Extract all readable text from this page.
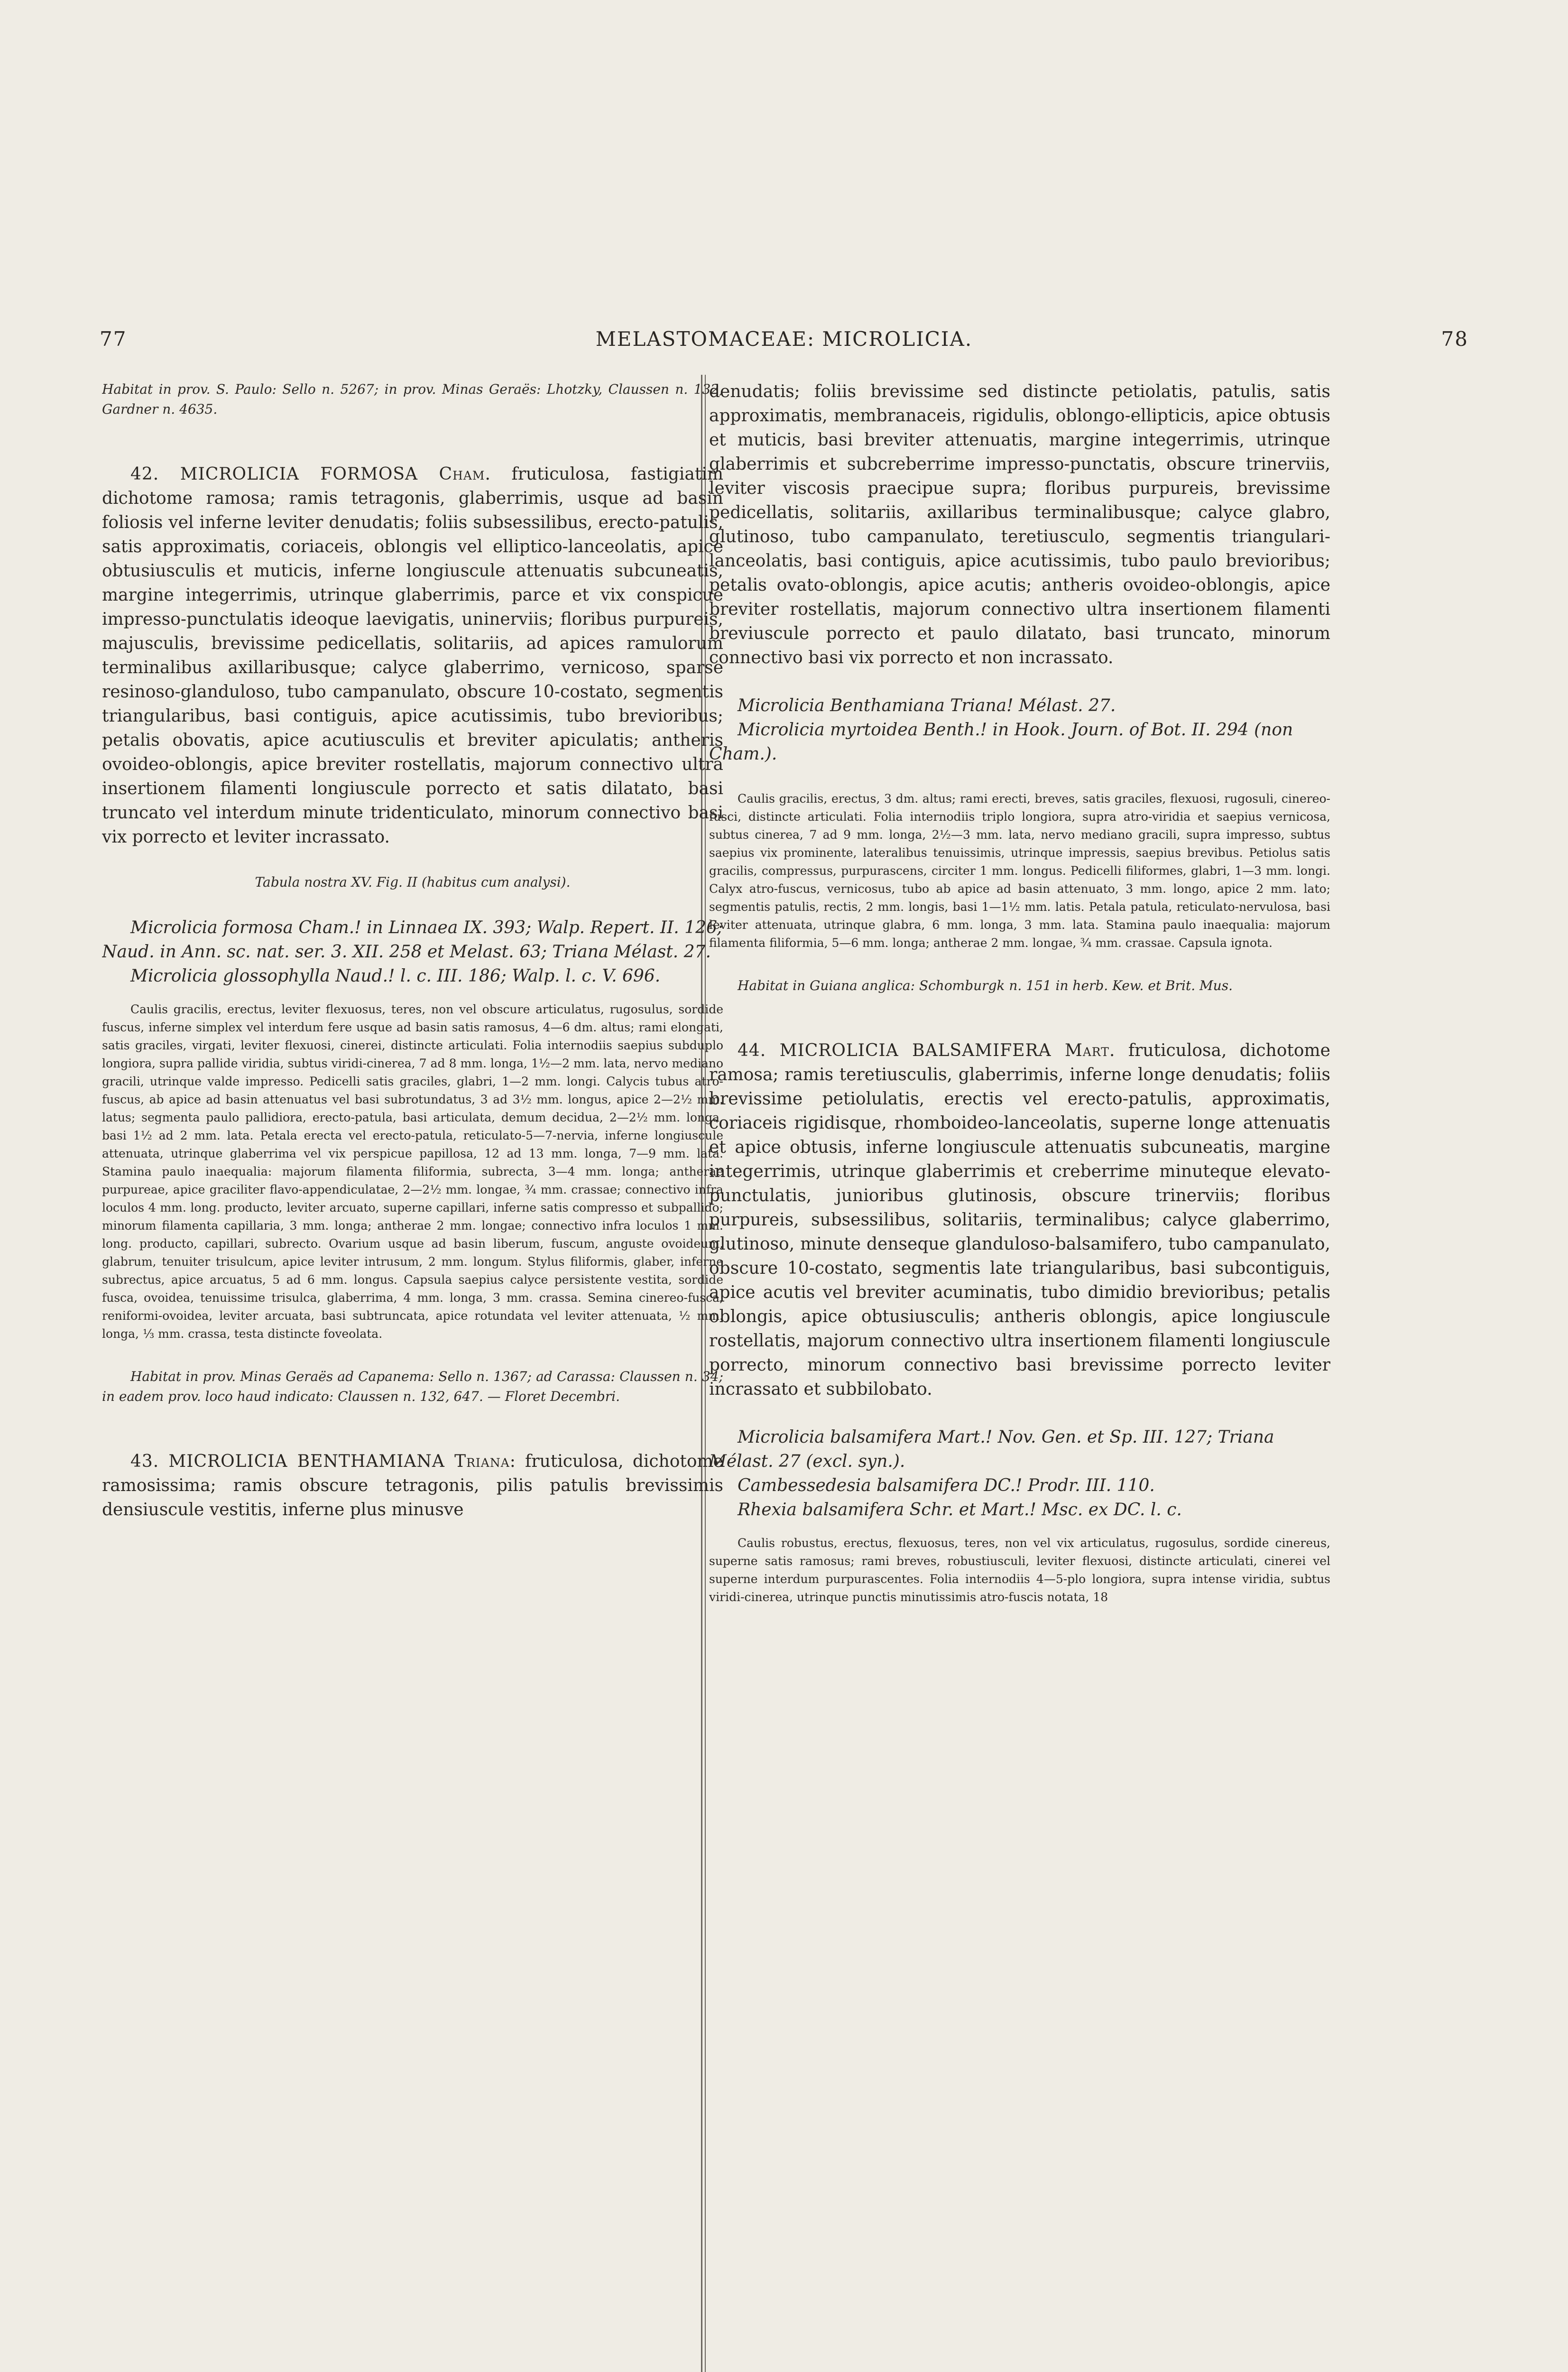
77	MELASTOMACEAE: MICROLICIA.	78

Habitat in prov. S. Paulo: Sello n. 5267; in prov. Minas Geraës: Lhotzky, Claussen n. 132, Gardner n. 4635.

42. MICROLICIA FORMOSA Cham. fruticulosa, fastigiatim dichotome ramosa; ramis tetragonis, glaberrimis, usque ad basin foliosis vel inferne leviter denudatis; foliis subsessilibus, erecto-patulis, satis approximatis, coriaceis, oblongis vel elliptico-lanceolatis, apice obtusiusculis et muticis, inferne longiuscule attenuatis subcuneatis, margine integerrimis, utrinque glaberrimis, parce et vix conspicue impresso-punctulatis ideoque laevigatis, uninerviis; floribus purpureis, majusculis, brevissime pedicellatis, solitariis, ad apices ramulorum terminalibus axillaribusque; calyce glaberrimo, vernicoso, sparse resinoso-glanduloso, tubo campanulato, obscure 10-costato, segmentis triangularibus, basi contiguis, apice acutissimis, tubo brevioribus; petalis obovatis, apice acutiusculis et breviter apiculatis; antheris ovoideo-oblongis, apice breviter rostellatis, majorum connectivo ultra insertionem filamenti longiuscule porrecto et satis dilatato, basi truncato vel interdum minute tridenticulato, minorum connectivo basi vix porrecto et leviter incrassato.

Tabula nostra XV. Fig. II (habitus cum analysi).

Microlicia formosa Cham.! in Linnaea IX. 393; Walp. Repert. II. 126; Naud. in Ann. sc. nat. ser. 3. XII. 258 et Melast. 63; Triana Mélast. 27.

Microlicia glossophylla Naud.! l. c. III. 186; Walp. l. c. V. 696.

Caulis gracilis, erectus, leviter flexuosus, teres, non vel obscure articulatus, rugosulus, sordide fuscus, inferne simplex vel interdum fere usque ad basin satis ramosus, 4—6 dm. altus; rami elongati, satis graciles, virgati, leviter flexuosi, cinerei, distincte articulati. Folia internodiis saepius subduplo longiora, supra pallide viridia, subtus viridi-cinerea, 7 ad 8 mm. longa, 1½—2 mm. lata, nervo mediano gracili, utrinque valde impresso. Pedicelli satis graciles, glabri, 1—2 mm. longi. Calycis tubus atro-fuscus, ab apice ad basin attenuatus vel basi subrotundatus, 3 ad 3½ mm. longus, apice 2—2½ mm. latus; segmenta paulo pallidiora, erecto-patula, basi articulata, demum decidua, 2—2½ mm. longa, basi 1½ ad 2 mm. lata. Petala erecta vel erecto-patula, reticulato-5—7-nervia, inferne longiuscule attenuata, utrinque glaberrima vel vix perspicue papillosa, 12 ad 13 mm. longa, 7—9 mm. lata. Stamina paulo inaequalia: majorum filamenta filiformia, subrecta, 3—4 mm. longa; antherae purpureae, apice graciliter flavo-appendiculatae, 2—2½ mm. longae, ¾ mm. crassae; connectivo infra loculos 4 mm. long. producto, leviter arcuato, superne capillari, inferne satis compresso et subpallido; minorum filamenta capillaria, 3 mm. longa; antherae 2 mm. longae; connectivo infra loculos 1 mm. long. producto, capillari, subrecto. Ovarium usque ad basin liberum, fuscum, anguste ovoideum, glabrum, tenuiter trisulcum, apice leviter intrusum, 2 mm. longum. Stylus filiformis, glaber, inferne subrectus, apice arcuatus, 5 ad 6 mm. longus. Capsula saepius calyce persistente vestita, sordide fusca, ovoidea, tenuissime trisulca, glaberrima, 4 mm. longa, 3 mm. crassa. Semina cinereo-fusca, reniformi-ovoidea, leviter arcuata, basi subtruncata, apice rotundata vel leviter attenuata, ½ mm. longa, ⅓ mm. crassa, testa distincte foveolata.

Habitat in prov. Minas Geraës ad Capanema: Sello n. 1367; ad Carassa: Claussen n. 34; in eadem prov. loco haud indicato: Claussen n. 132, 647. — Floret Decembri.

43. MICROLICIA BENTHAMIANA Triana: fruticulosa, dichotome ramosissima; ramis obscure tetragonis, pilis patulis brevissimis densiuscule vestitis, inferne plus minusve

denudatis; foliis brevissime sed distincte petiolatis, patulis, satis approximatis, membranaceis, rigidulis, oblongo-ellipticis, apice obtusis et muticis, basi breviter attenuatis, margine integerrimis, utrinque glaberrimis et subcreberrime impresso-punctatis, obscure trinerviis, leviter viscosis praecipue supra; floribus purpureis, brevissime pedicellatis, solitariis, axillaribus terminalibusque; calyce glabro, glutinoso, tubo campanulato, teretiusculo, segmentis triangulari-lanceolatis, basi contiguis, apice acutissimis, tubo paulo brevioribus; petalis ovato-oblongis, apice acutis; antheris ovoideo-oblongis, apice breviter rostellatis, majorum connectivo ultra insertionem filamenti breviuscule porrecto et paulo dilatato, basi truncato, minorum connectivo basi vix porrecto et non incrassato.

Microlicia Benthamiana Triana! Mélast. 27.

Microlicia myrtoidea Benth.! in Hook. Journ. of Bot. II. 294 (non Cham.).

Caulis gracilis, erectus, 3 dm. altus; rami erecti, breves, satis graciles, flexuosi, rugosuli, cinereo-fusci, distincte articulati. Folia internodiis triplo longiora, supra atro-viridia et saepius vernicosa, subtus cinerea, 7 ad 9 mm. longa, 2½—3 mm. lata, nervo mediano gracili, supra impresso, subtus saepius vix prominente, lateralibus tenuissimis, utrinque impressis, saepius brevibus. Petiolus satis gracilis, compressus, purpurascens, circiter 1 mm. longus. Pedicelli filiformes, glabri, 1—3 mm. longi. Calyx atro-fuscus, vernicosus, tubo ab apice ad basin attenuato, 3 mm. longo, apice 2 mm. lato; segmentis patulis, rectis, 2 mm. longis, basi 1—1½ mm. latis. Petala patula, reticulato-nervulosa, basi leviter attenuata, utrinque glabra, 6 mm. longa, 3 mm. lata. Stamina paulo inaequalia: majorum filamenta filiformia, 5—6 mm. longa; antherae 2 mm. longae, ¾ mm. crassae. Capsula ignota.

Habitat in Guiana anglica: Schomburgk n. 151 in herb. Kew. et Brit. Mus.

44. MICROLICIA BALSAMIFERA Mart. fruticulosa, dichotome ramosa; ramis teretiusculis, glaberrimis, inferne longe denudatis; foliis brevissime petiolulatis, erectis vel erecto-patulis, approximatis, coriaceis rigidisque, rhomboideo-lanceolatis, superne longe attenuatis et apice obtusis, inferne longiuscule attenuatis subcuneatis, margine integerrimis, utrinque glaberrimis et creberrime minuteque elevato-punctulatis, junioribus glutinosis, obscure trinerviis; floribus purpureis, subsessilibus, solitariis, terminalibus; calyce glaberrimo, glutinoso, minute denseque glanduloso-balsamifero, tubo campanulato, obscure 10-costato, segmentis late triangularibus, basi subcontiguis, apice acutis vel breviter acuminatis, tubo dimidio brevioribus; petalis oblongis, apice obtusiusculis; antheris oblongis, apice longiuscule rostellatis, majorum connectivo ultra insertionem filamenti longiuscule porrecto, minorum connectivo basi brevissime porrecto leviter incrassato et subbilobato.

Microlicia balsamifera Mart.! Nov. Gen. et Sp. III. 127; Triana Mélast. 27 (excl. syn.).

Cambessedesia balsamifera DC.! Prodr. III. 110.

Rhexia balsamifera Schr. et Mart.! Msc. ex DC. l. c.

Caulis robustus, erectus, flexuosus, teres, non vel vix articulatus, rugosulus, sordide cinereus, superne satis ramosus; rami breves, robustiusculi, leviter flexuosi, distincte articulati, cinerei vel superne interdum purpurascentes. Folia internodiis 4—5-plo longiora, supra intense viridia, subtus viridi-cinerea, utrinque punctis minutissimis atro-fuscis notata, 18
